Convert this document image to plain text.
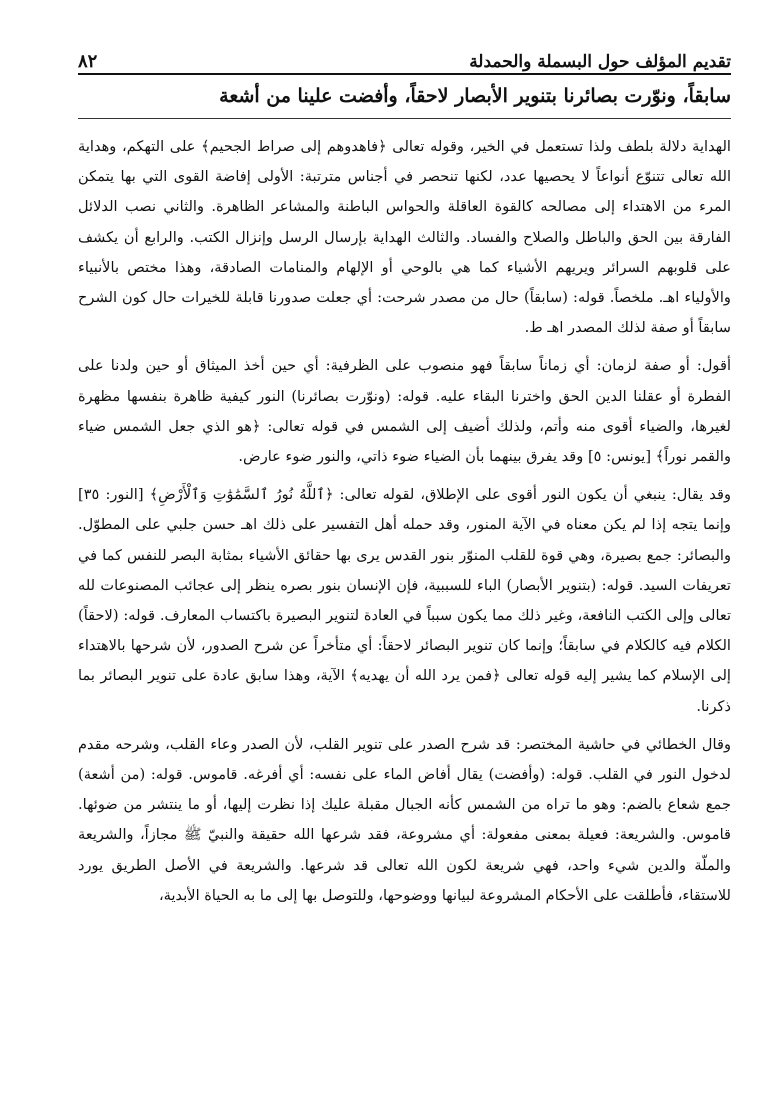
تقديم المؤلف حول البسملة والحمدلة
٨٢
سابقاً، ونوّرت بصائرنا بتنوير الأبصار لاحقاً، وأفضت علينا من أشعة

الهداية دلالة بلطف ولذا تستعمل في الخير، وقوله تعالى ﴿فاهدوهم إلى صراط الجحيم﴾ على التهكم، وهداية الله تعالى تتنوّع أنواعاً لا يحصيها عدد، لكنها تنحصر في أجناس مترتبة: الأولى إفاضة القوى التي بها يتمكن المرء من الاهتداء إلى مصالحه كالقوة العاقلة والحواس الباطنة والمشاعر الظاهرة. والثاني نصب الدلائل الفارقة بين الحق والباطل والصلاح والفساد. والثالث الهداية بإرسال الرسل وإنزال الكتب. والرابع أن يكشف على قلوبهم السرائر ويريهم الأشياء كما هي بالوحي أو الإلهام والمنامات الصادقة، وهذا مختص بالأنبياء والأولياء اهـ. ملخصاً. قوله: (سابقاً) حال من مصدر شرحت: أي جعلت صدورنا قابلة للخيرات حال كون الشرح سابقاً أو صفة لذلك المصدر اهـ ط.

أقول: أو صفة لزمان: أي زماناً سابقاً فهو منصوب على الظرفية: أي حين أخذ الميثاق أو حين ولدنا على الفطرة أو عقلنا الدين الحق واخترنا البقاء عليه. قوله: (ونوّرت بصائرنا) النور كيفية ظاهرة بنفسها مظهرة لغيرها، والضياء أقوى منه وأتم، ولذلك أضيف إلى الشمس في قوله تعالى: ﴿هو الذي جعل الشمس ضياء والقمر نوراً﴾ [يونس: ٥] وقد يفرق بينهما بأن الضياء ضوء ذاتي، والنور ضوء عارض.

وقد يقال: ينبغي أن يكون النور أقوى على الإطلاق، لقوله تعالى: ﴿ٱللَّهُ نُورُ ٱلسَّمَٰوَٰتِ وَٱلْأَرْضِ﴾ [النور: ٣٥] وإنما يتجه إذا لم يكن معناه في الآية المنور، وقد حمله أهل التفسير على ذلك اهـ حسن جلبي على المطوّل. والبصائر: جمع بصيرة، وهي قوة للقلب المنوّر بنور القدس يرى بها حقائق الأشياء بمثابة البصر للنفس كما في تعريفات السيد. قوله: (بتنوير الأبصار) الباء للسببية، فإن الإنسان بنور بصره ينظر إلى عجائب المصنوعات لله تعالى وإلى الكتب النافعة، وغير ذلك مما يكون سبباً في العادة لتنوير البصيرة باكتساب المعارف. قوله: (لاحقاً) الكلام فيه كالكلام في سابقاً؛ وإنما كان تنوير البصائر لاحقاً: أي متأخراً عن شرح الصدور، لأن شرحها بالاهتداء إلى الإسلام كما يشير إليه قوله تعالى ﴿فمن يرد الله أن يهديه﴾ الآية، وهذا سابق عادة على تنوير البصائر بما ذكرنا.

وقال الخطائي في حاشية المختصر: قد شرح الصدر على تنوير القلب، لأن الصدر وعاء القلب، وشرحه مقدم لدخول النور في القلب. قوله: (وأفضت) يقال أفاض الماء على نفسه: أي أفرغه. قاموس. قوله: (من أشعة) جمع شعاع بالضم: وهو ما تراه من الشمس كأنه الجبال مقبلة عليك إذا نظرت إليها، أو ما ينتشر من ضوئها. قاموس. والشريعة: فعيلة بمعنى مفعولة: أي مشروعة، فقد شرعها الله حقيقة والنبيّ ﷺ مجازاً، والشريعة والملّة والدين شيء واحد، فهي شريعة لكون الله تعالى قد شرعها. والشريعة في الأصل الطريق يورد للاستقاء، فأطلقت على الأحكام المشروعة لبيانها ووضوحها، وللتوصل بها إلى ما به الحياة الأبدية،
